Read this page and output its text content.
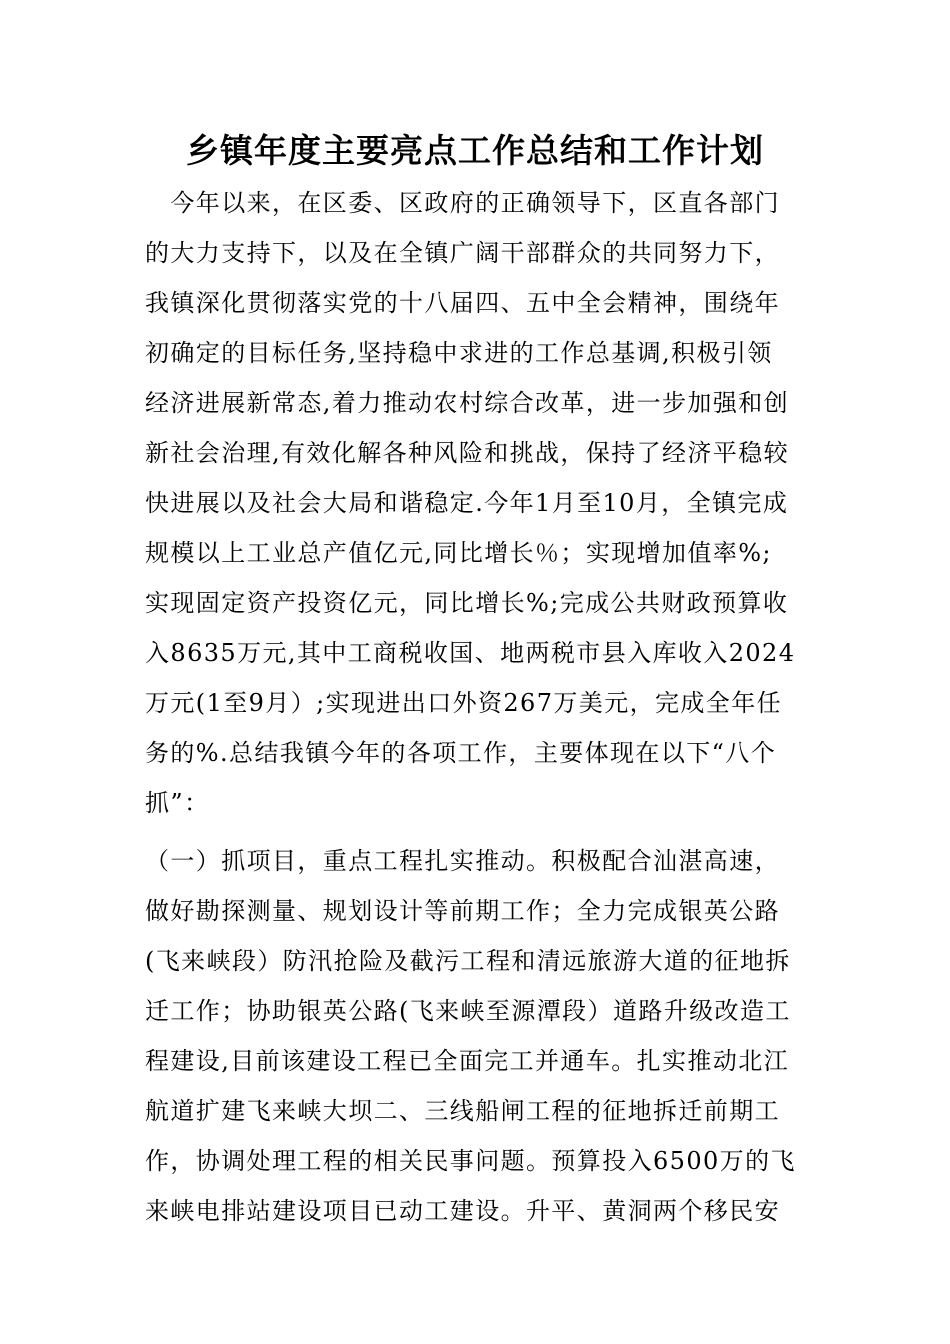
乡镇年度主要亮点工作总结和工作计划
　今年以来，在区委、区政府的正确领导下，区直各部门
的大力支持下，以及在全镇广阔干部群众的共同努力下，
我镇深化贯彻落实党的十八届四、五中全会精神，围绕年
初确定的目标任务,坚持稳中求进的工作总基调,积极引领
经济进展新常态,着力推动农村综合改革，进一步加强和创
新社会治理,有效化解各种风险和挑战，保持了经济平稳较
快进展以及社会大局和谐稳定.今年1月至10月，全镇完成
规模以上工业总产值亿元,同比增长％；实现增加值率%;
实现固定资产投资亿元，同比增长%;完成公共财政预算收
入8635万元,其中工商税收国、地两税市县入库收入2024
万元(1至9月）;实现进出口外资267万美元，完成全年任
务的%.总结我镇今年的各项工作，主要体现在以下“八个
抓”：
（一）抓项目，重点工程扎实推动。积极配合汕湛高速，
做好勘探测量、规划设计等前期工作；全力完成银英公路
(飞来峡段）防汛抢险及截污工程和清远旅游大道的征地拆
迁工作；协助银英公路(飞来峡至源潭段）道路升级改造工
程建设,目前该建设工程已全面完工并通车。扎实推动北江
航道扩建飞来峡大坝二、三线船闸工程的征地拆迁前期工
作，协调处理工程的相关民事问题。预算投入6500万的飞
来峡电排站建设项目已动工建设。升平、黄洞两个移民安
